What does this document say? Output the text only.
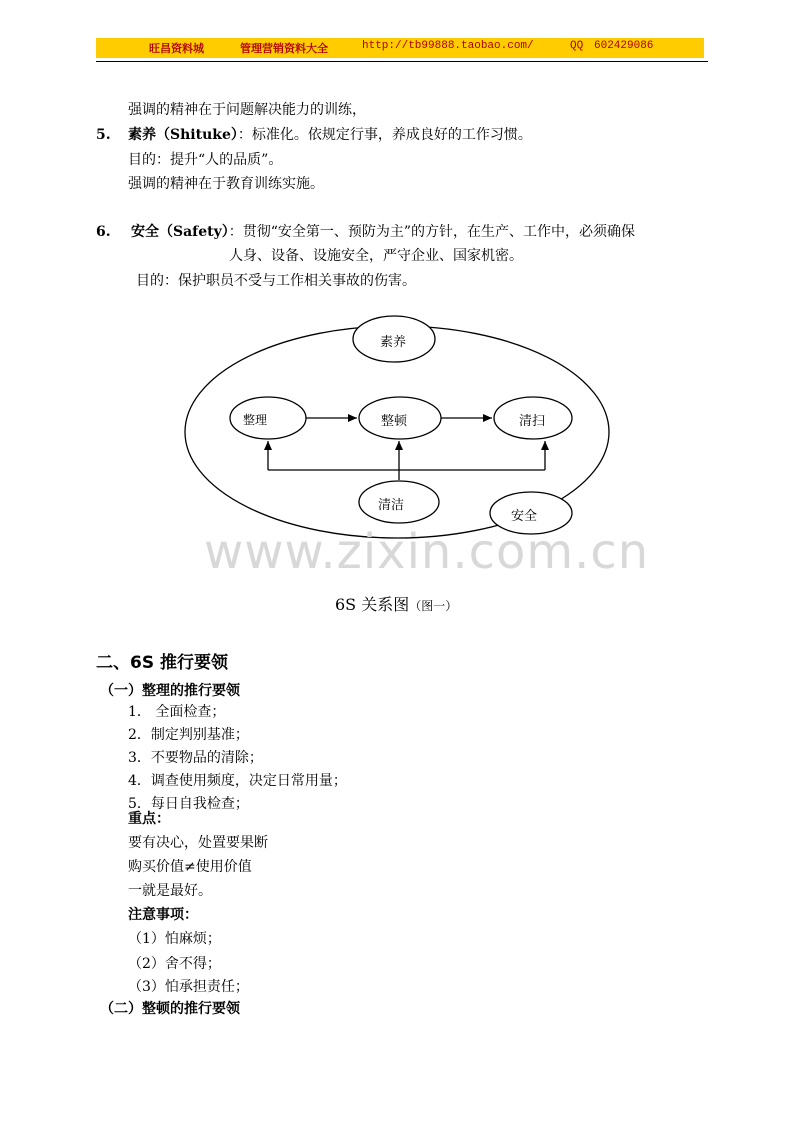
旺昌资料城	管理营销资料大全	http://tb99888.taobao.com/	QQ 602429086
强调的精神在于问题解决能力的训练，
5. 素养（Shituke）：标准化。依规定行事，养成良好的工作习惯。
目的：提升“人的品质”。
强调的精神在于教育训练实施。
6. 安全（Safety）：贯彻“安全第一、预防为主”的方针，在生产、工作中，必须确保
人身、设备、设施安全，严守企业、国家机密。
目的：保护职员不受与工作相关事故的伤害。
素养
整理	整顿	清扫
清洁
安全
www.zixin.com.cn
6S 关系图（图一）
二、6S 推行要领
（一）整理的推行要领
1． 全面检查；
2．制定判别基准；
3．不要物品的清除；
4．调查使用频度，决定日常用量；
5．每日自我检查；
重点：
要有决心，处置要果断
购买价值≠使用价值
一就是最好。
注意事项：
（1）怕麻烦；
（2）舍不得；
（3）怕承担责任；
（二）整顿的推行要领
